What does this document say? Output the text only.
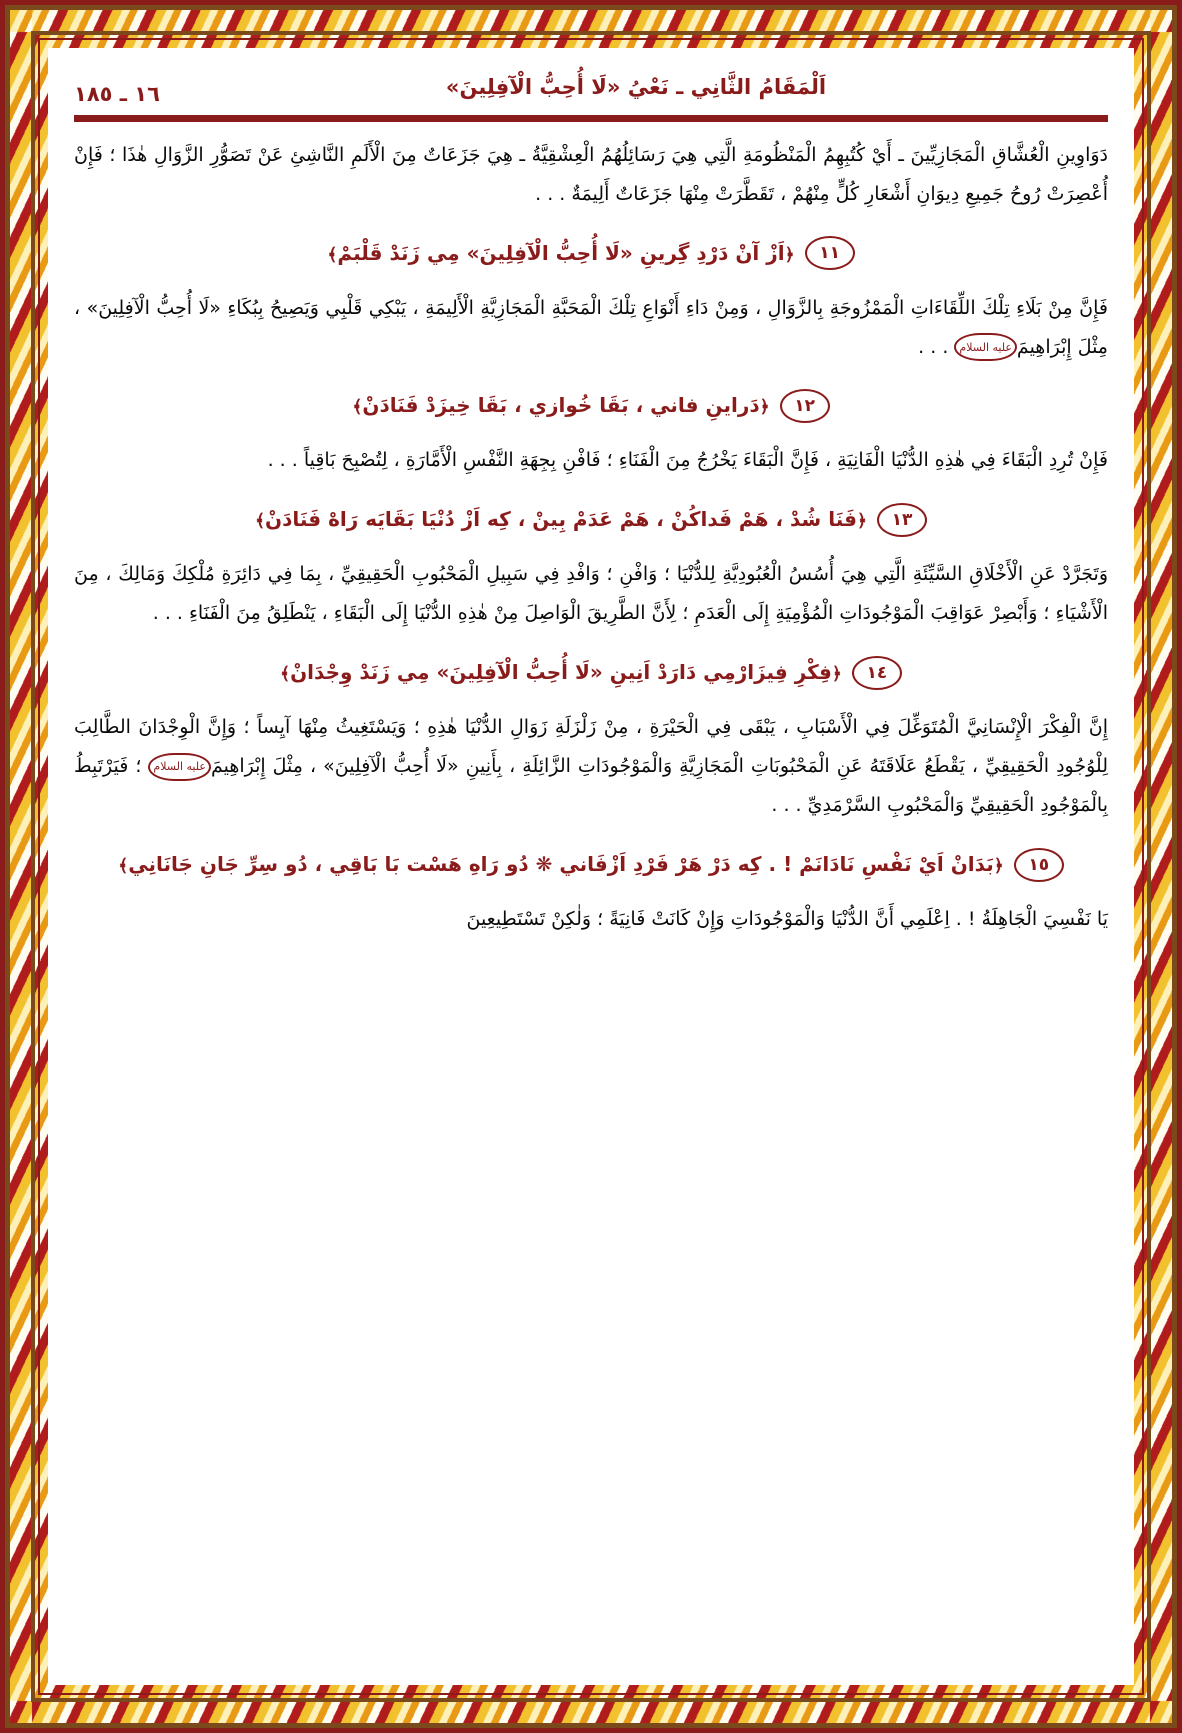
اَلْمَقَامُ الثَّانِي ـ نَعْيُ «لَا أُحِبُّ الْآفِلِينَ»
١٦ ـ ١٨٥

دَوَاوِينِ الْعُشَّاقِ الْمَجَازِيِّينَ ـ أَيْ كُتُبِهِمُ الْمَنْظُومَةِ الَّتِي هِيَ رَسَائِلُهُمُ الْعِشْقِيَّةُ ـ هِيَ جَزَعَاتٌ مِنَ الْأَلَمِ النَّاشِئِ عَنْ تَصَوُّرِ الزَّوَالِ هٰذَا ؛ فَإِنْ أُعْصِرَتْ رُوحُ جَمِيعِ دِيوَانِ أَشْعَارِ كُلٍّ مِنْهُمْ ، تَقَطَّرَتْ مِنْهَا جَزَعَاتٌ أَلِيمَةٌ . . .

١١
﴿اَزْ آنْ دَرْدِ گِرينِ «لَا أُحِبُّ الْآفِلِينَ» مِي زَنَدْ قَلْبَمْ﴾

فَإِنَّ مِنْ بَلَاءِ تِلْكَ اللِّقَاءَاتِ الْمَمْزُوجَةِ بِالزَّوَالِ ، وَمِنْ دَاءِ أَنْوَاعِ تِلْكَ الْمَحَبَّةِ الْمَجَازِيَّةِ الْأَلِيمَةِ ، يَبْكِي قَلْبِي وَيَصِيحُ بِبُكَاءِ «لَا أُحِبُّ الْآفِلِينَ» ، مِثْلَ إِبْرَاهِيمَعليه السلام . . .

١٢
﴿دَراينِ فاني ، بَقَا خُوازي ، بَقَا خِيزَدْ فَنَادَنْ﴾

فَإِنْ تُرِدِ الْبَقَاءَ فِي هٰذِهِ الدُّنْيَا الْفَانِيَةِ ، فَإِنَّ الْبَقَاءَ يَخْرُجُ مِنَ الْفَنَاءِ ؛ فَافْنِ بِجِهَةِ النَّفْسِ الْأَمَّارَةِ ، لِتُصْبِحَ بَاقِياً . . .

١٣
﴿فَنَا شُدْ ، هَمْ فَداكُنْ ، هَمْ عَدَمْ بِينْ ، كِه اَزْ دُنْيَا بَقَايَه رَاهْ فَنَادَنْ﴾

وَتَجَرَّدْ عَنِ الْأَخْلَاقِ السَّيِّئَةِ الَّتِي هِيَ أُسُسُ الْعُبُودِيَّةِ لِلدُّنْيَا ؛ وَافْنِ ؛ وَافْدِ فِي سَبِيلِ الْمَحْبُوبِ الْحَقِيقِيِّ ، بِمَا فِي دَائِرَةِ مُلْكِكَ وَمَالِكَ ، مِنَ الْأَشْيَاءِ ؛ وَأَبْصِرْ عَوَاقِبَ الْمَوْجُودَاتِ الْمُؤْمِيَةِ إِلَى الْعَدَمِ ؛ لِأَنَّ الطَّرِيقَ الْوَاصِلَ مِنْ هٰذِهِ الدُّنْيَا إِلَى الْبَقَاءِ ، يَنْطَلِقُ مِنَ الْفَنَاءِ . . .

١٤
﴿فِكْرِ فِيزَارْمِي دَارَدْ اَنِينِ «لَا أُحِبُّ الْآفِلِينَ» مِي زَنَدْ وِجْدَانْ﴾

إِنَّ الْفِكْرَ الْإِنْسَانِيَّ الْمُتَوَغِّلَ فِي الْأَسْبَابِ ، يَبْقَى فِي الْحَيْرَةِ ، مِنْ زَلْزَلَةِ زَوَالِ الدُّنْيَا هٰذِهِ ؛ وَيَسْتَغِيثُ مِنْهَا آيِساً ؛ وَإِنَّ الْوِجْدَانَ الطَّالِبَ لِلْوُجُودِ الْحَقِيقِيِّ ، يَقْطَعُ عَلَاقَتَهُ عَنِ الْمَحْبُوبَاتِ الْمَجَازِيَّةِ وَالْمَوْجُودَاتِ الزَّائِلَةِ ، بِأَنِينِ «لَا أُحِبُّ الْآفِلِينَ» ، مِثْلَ إِبْرَاهِيمَعليه السلام ؛ فَيَرْتَبِطُ بِالْمَوْجُودِ الْحَقِيقِيِّ وَالْمَحْبُوبِ السَّرْمَدِيِّ . . .

١٥
﴿بَدَانْ اَيْ نَفْسِ نَادَانَمْ ! . كِه دَرْ هَرْ فَرْدِ اَزْفَاني ❋ دُو رَاهِ هَسْت بَا بَاقِي ، دُو سِرِّ جَانِ جَانَانِي﴾

يَا نَفْسِيَ الْجَاهِلَةُ ! . اِعْلَمِي أَنَّ الدُّنْيَا وَالْمَوْجُودَاتِ وَإِنْ كَانَتْ فَانِيَةً ؛ وَلٰكِنْ تَسْتَطِيعِينَ
